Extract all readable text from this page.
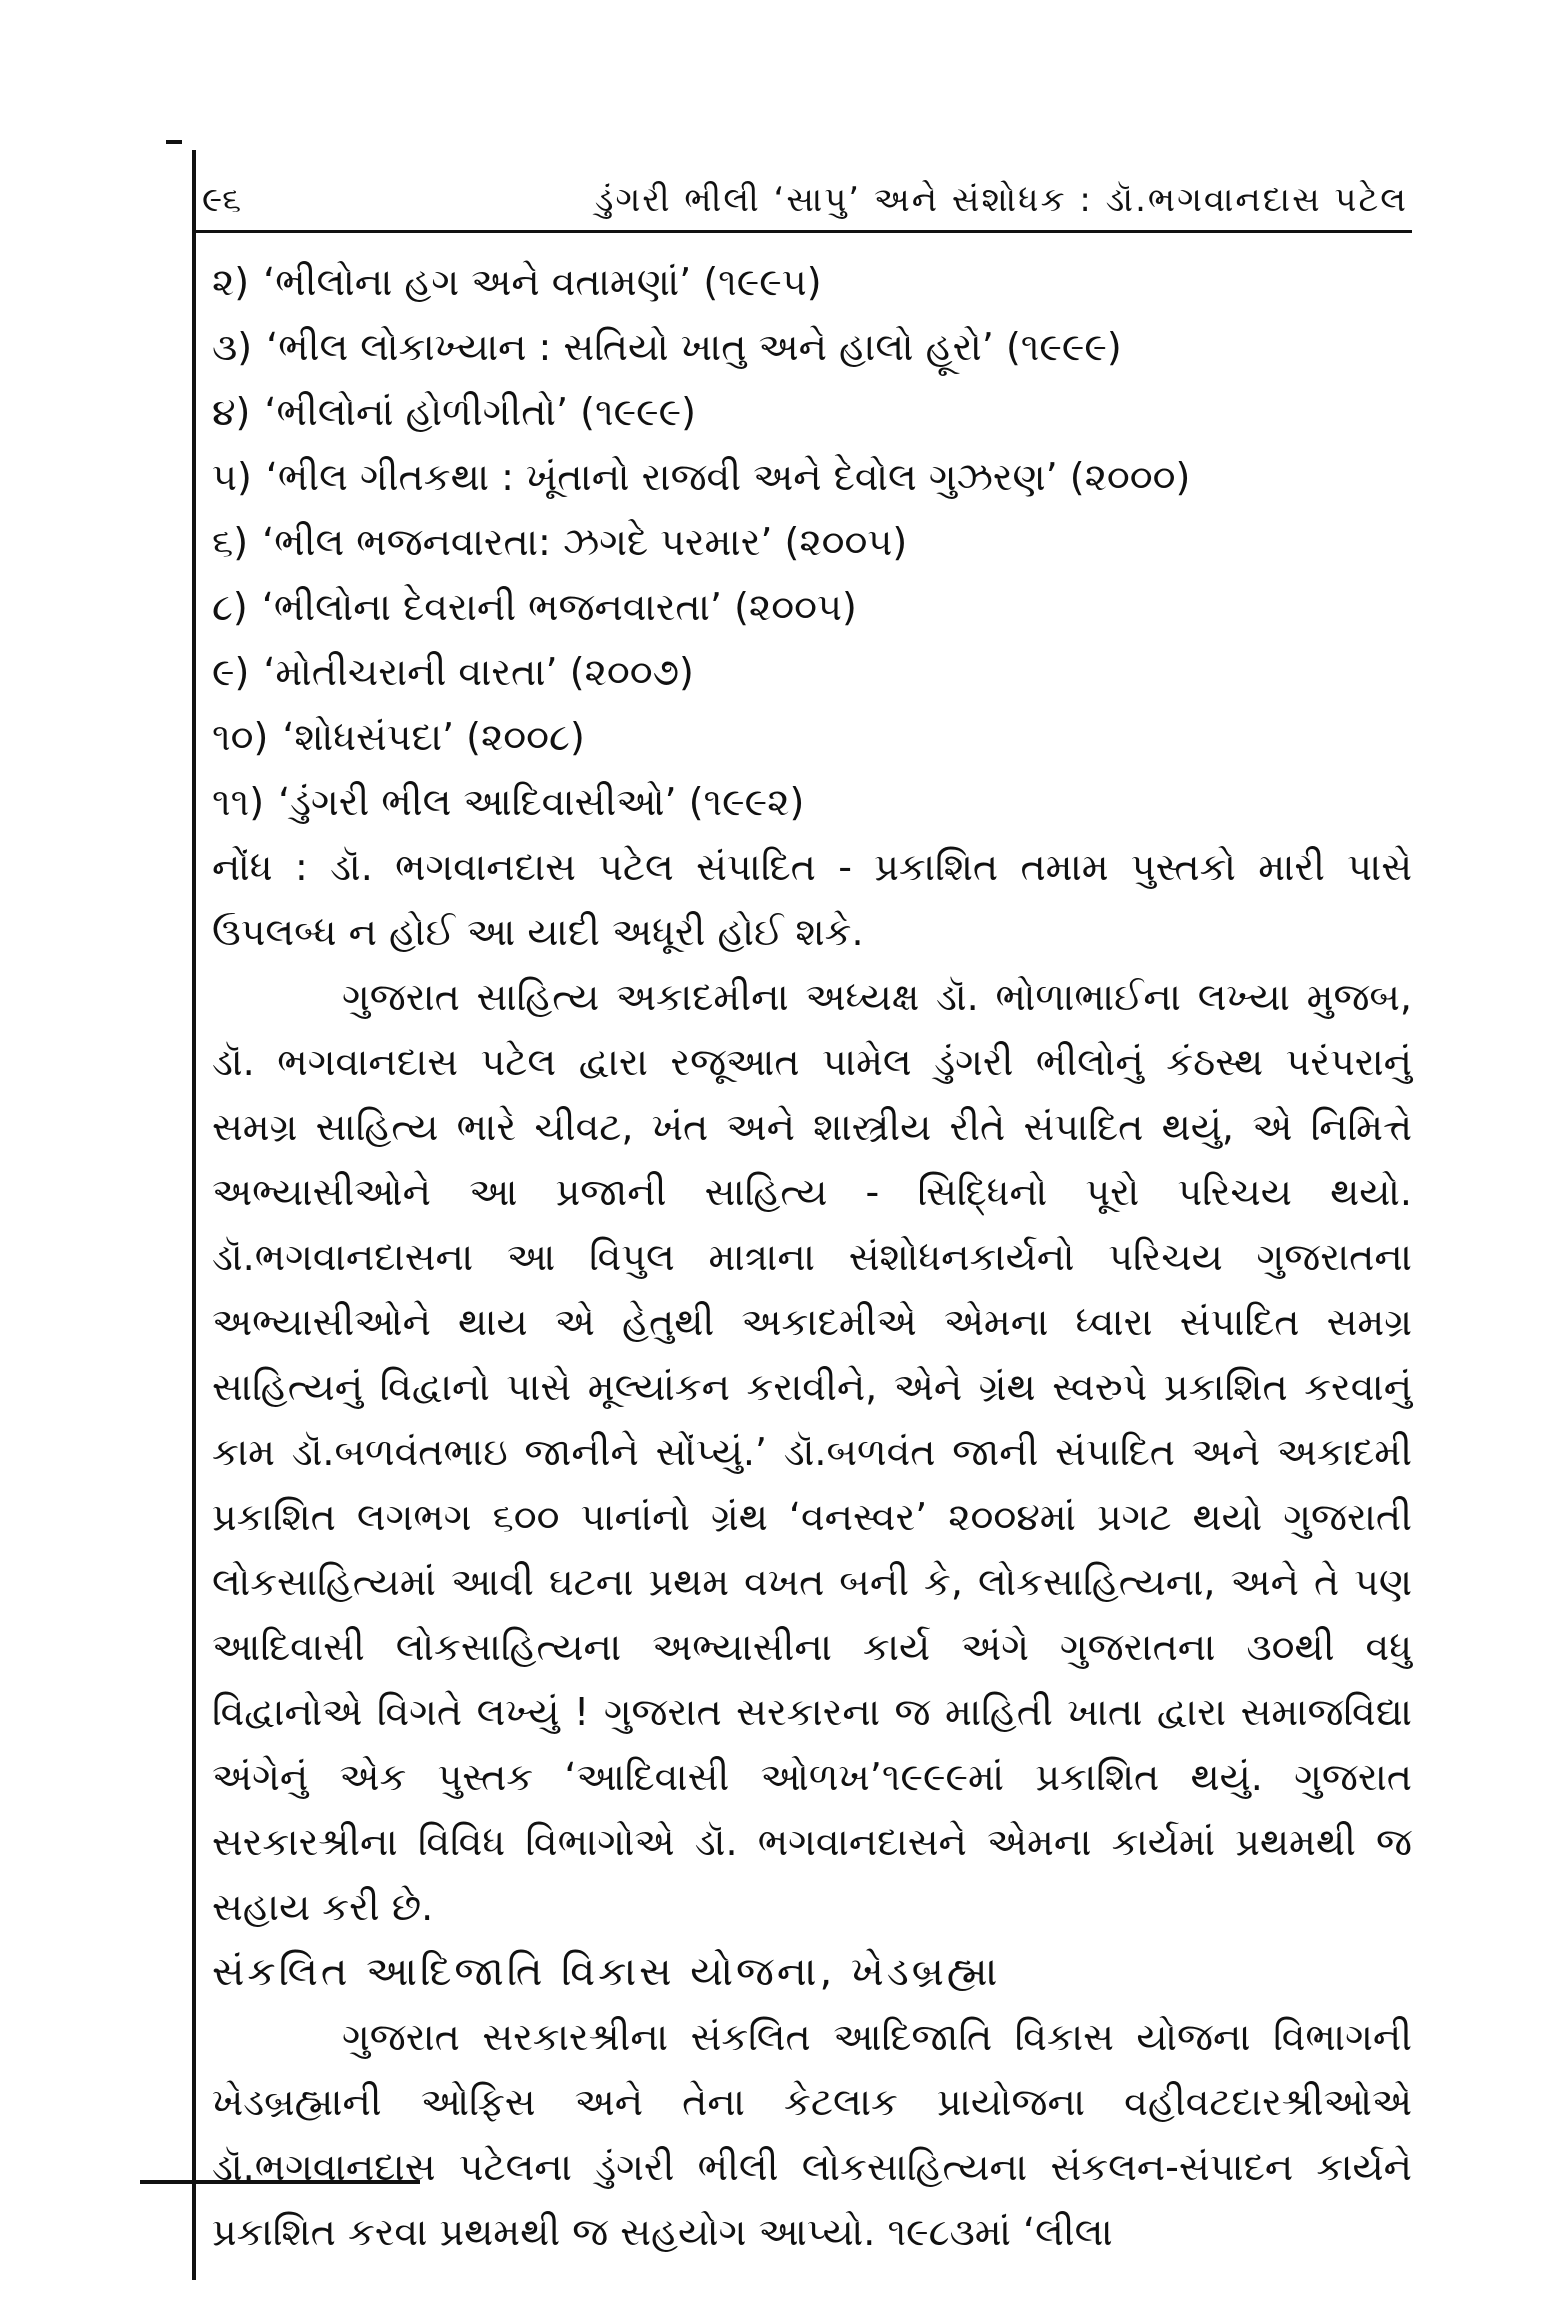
૯૬	ડુંગરી ભીલી ‘સાપુ’ અને સંશોધક : ડૉ.ભગવાનદાસ પટેલ
૨) ‘ભીલોના હગ અને વતામણાં’ (૧૯૯૫)
૩) ‘ભીલ લોકાખ્યાન : સતિયો ખાતુ અને હાલો હૂરો’ (૧૯૯૯)
૪) ‘ભીલોનાં હોળીગીતો’ (૧૯૯૯)
૫) ‘ભીલ ગીતકથા : ખૂંતાનો રાજવી અને દેવોલ ગુઝરણ’ (૨૦૦૦)
૬) ‘ભીલ ભજનવારતા: ઝગદે પરમાર’ (૨૦૦૫)
૮) ‘ભીલોના દેવરાની ભજનવારતા’ (૨૦૦૫)
૯) ‘મોતીચરાની વારતા’ (૨૦૦૭)
૧૦) ‘શોધસંપદા’ (૨૦૦૮)
૧૧) ‘ડુંગરી ભીલ આદિવાસીઓ’ (૧૯૯૨)

નોંધ : ડૉ. ભગવાનદાસ પટેલ સંપાદિત - પ્રકાશિત તમામ પુસ્તકો મારી પાસે ઉપલબ્ધ ન હોઈ આ યાદી અધૂરી હોઈ શકે.

ગુજરાત સાહિત્ય અકાદમીના અધ્યક્ષ ડૉ. ભોળાભાઈના લખ્યા મુજબ, ડૉ. ભગવાનદાસ પટેલ દ્વારા રજૂઆત પામેલ ડુંગરી ભીલોનું કંઠસ્થ પરંપરાનું સમગ્ર સાહિત્ય ભારે ચીવટ, ખંત અને શાસ્ત્રીય રીતે સંપાદિત થયું, એ નિમિત્તે અભ્યાસીઓને આ પ્રજાની સાહિત્ય - સિદ્ધિનો પૂરો પરિચય થયો. ડૉ.ભગવાનદાસના આ વિપુલ માત્રાના સંશોધનકાર્યનો પરિચય ગુજરાતના અભ્યાસીઓને થાય એ હેતુથી અકાદમીએ એમના ધ્વારા સંપાદિત સમગ્ર સાહિત્યનું વિદ્વાનો પાસે મૂલ્યાંકન કરાવીને, એને ગ્રંથ સ્વરુપે પ્રકાશિત કરવાનું કામ ડૉ.બળવંતભાઇ જાનીને સોંપ્યું.’ ડૉ.બળવંત જાની સંપાદિત અને અકાદમી પ્રકાશિત લગભગ ૬૦૦ પાનાંનો ગ્રંથ ‘વનસ્વર’ ૨૦૦૪માં પ્રગટ થયો ગુજરાતી લોકસાહિત્યમાં આવી ઘટના પ્રથમ વખત બની કે, લોકસાહિત્યના, અને તે પણ આદિવાસી લોકસાહિત્યના અભ્યાસીના કાર્ય અંગે ગુજરાતના ૩૦થી વધુ વિદ્વાનોએ વિગતે લખ્યું ! ગુજરાત સરકારના જ માહિતી ખાતા દ્વારા સમાજવિદ્યા અંગેનું એક પુસ્તક ‘આદિવાસી ઓળખ’૧૯૯૯માં પ્રકાશિત થયું. ગુજરાત સરકારશ્રીના વિવિધ વિભાગોએ ડૉ. ભગવાનદાસને એમના કાર્યમાં પ્રથમથી જ સહાય કરી છે.

સંકલિત આદિજાતિ વિકાસ યોજના, ખેડબ્રહ્મા

ગુજરાત સરકારશ્રીના સંકલિત આદિજાતિ વિકાસ યોજના વિભાગની ખેડબ્રહ્માની ઓફિસ અને તેના કેટલાક પ્રાયોજના વહીવટદારશ્રીઓએ ડૉ.ભગવાનદાસ પટેલના ડુંગરી ભીલી લોકસાહિત્યના સંકલન-સંપાદન કાર્યને પ્રકાશિત કરવા પ્રથમથી જ સહયોગ આપ્યો. ૧૯૮૩માં ‘લીલા
